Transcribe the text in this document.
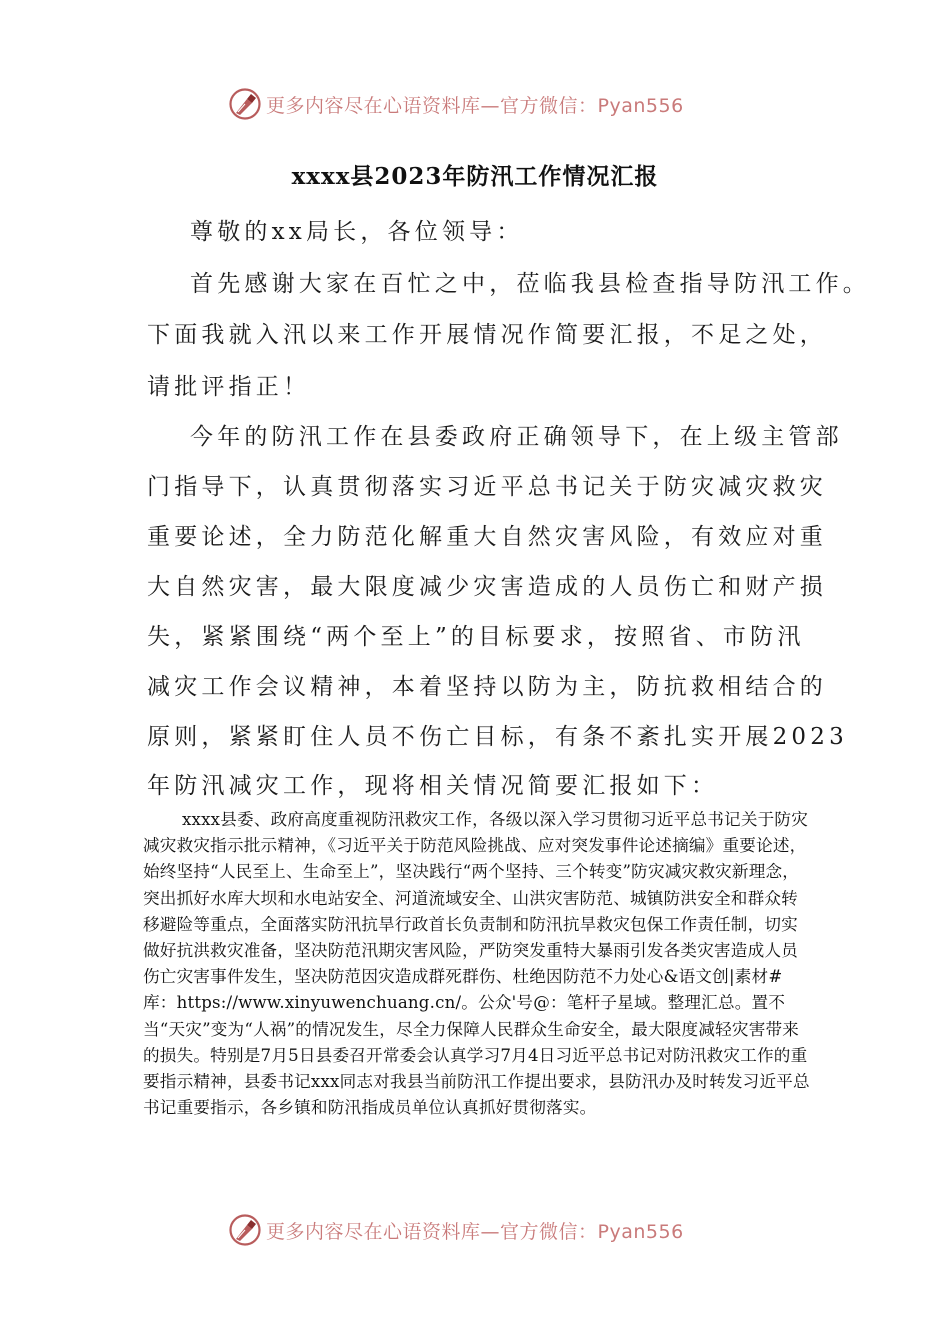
更多内容尽在心语资料库—官方微信：Pyan556
xxxx县2023年防汛工作情况汇报
尊敬的xx局长，各位领导：
首先感谢大家在百忙之中，莅临我县检查指导防汛工作。
下面我就入汛以来工作开展情况作简要汇报，不足之处，
请批评指正！
今年的防汛工作在县委政府正确领导下，在上级主管部
门指导下，认真贯彻落实习近平总书记关于防灾减灾救灾
重要论述，全力防范化解重大自然灾害风险，有效应对重
大自然灾害，最大限度减少灾害造成的人员伤亡和财产损
失，紧紧围绕“两个至上”的目标要求，按照省、市防汛
减灾工作会议精神，本着坚持以防为主，防抗救相结合的
原则，紧紧盯住人员不伤亡目标，有条不紊扎实开展2023
年防汛减灾工作，现将相关情况简要汇报如下：
xxxx县委、政府高度重视防汛救灾工作，各级以深入学习贯彻习近平总书记关于防灾减灾救灾指示批示精神，《习近平关于防范风险挑战、应对突发事件论述摘编》重要论述，始终坚持“人民至上、生命至上”，坚决践行“两个坚持、三个转变”防灾减灾救灾新理念，突出抓好水库大坝和水电站安全、河道流域安全、山洪灾害防范、城镇防洪安全和群众转移避险等重点，全面落实防汛抗旱行政首长负责制和防汛抗旱救灾包保工作责任制，切实做好抗洪救灾准备，坚决防范汛期灾害风险，严防突发重特大暴雨引发各类灾害造成人员伤亡灾害事件发生，坚决防范因灾造成群死群伤、杜绝因防范不力处心&语文创|素材#库：https://www.xinyuwenchuang.cn/。公众'号@：笔杆子星域。整理汇总。置不当“天灾”变为“人祸”的情况发生，尽全力保障人民群众生命安全，最大限度减轻灾害带来的损失。特别是7月5日县委召开常委会认真学习7月4日习近平总书记对防汛救灾工作的重要指示精神，县委书记xxx同志对我县当前防汛工作提出要求，县防汛办及时转发习近平总书记重要指示，各乡镇和防汛指成员单位认真抓好贯彻落实。
更多内容尽在心语资料库—官方微信：Pyan556
